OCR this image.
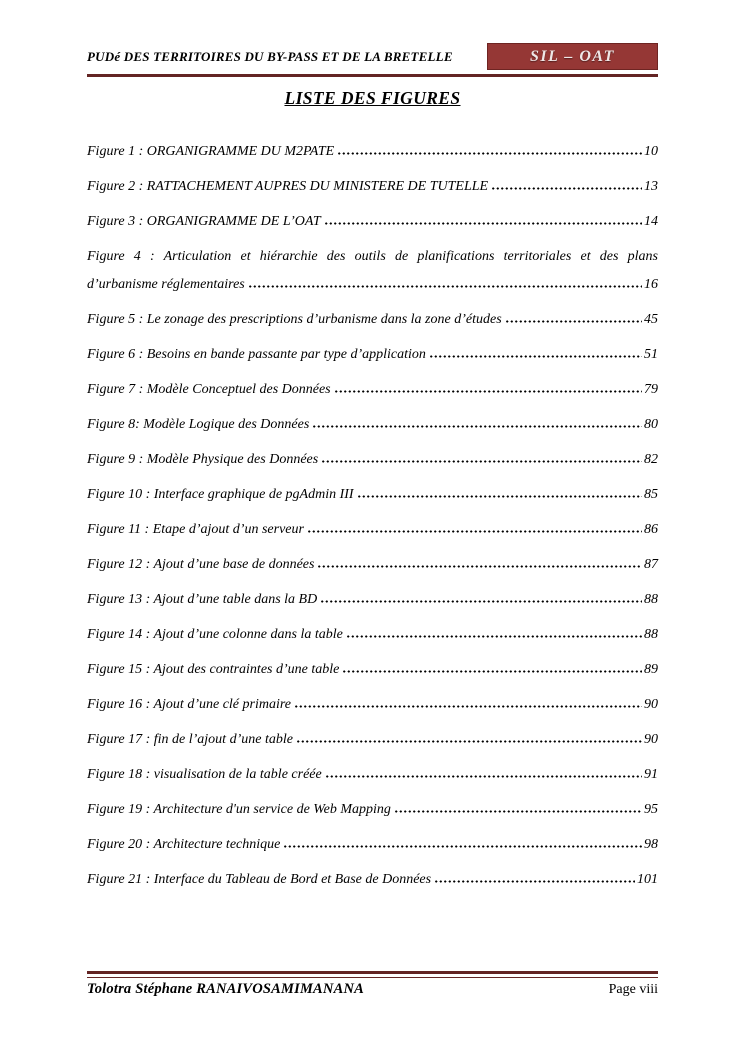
PUDé DES TERRITOIRES DU BY-PASS ET DE LA BRETELLE	SIL – OAT
LISTE DES FIGURES
Figure 1 : ORGANIGRAMME DU M2PATE	10
Figure 2 : RATTACHEMENT AUPRES DU MINISTERE DE TUTELLE	13
Figure 3 : ORGANIGRAMME DE L’OAT	14
Figure 4 : Articulation et hiérarchie des outils de planifications territoriales et des plans
d’urbanisme réglementaires	16
Figure 5 : Le zonage des prescriptions d’urbanisme dans la zone d’études	45
Figure 6 : Besoins en bande passante par type d’application	51
Figure 7 : Modèle Conceptuel des Données	79
Figure 8: Modèle Logique des Données	80
Figure 9 : Modèle Physique des Données	82
Figure 10 : Interface graphique de pgAdmin III	85
Figure 11 : Etape d’ajout d’un serveur	86
Figure 12 : Ajout d’une base de données	87
Figure 13 : Ajout d’une table dans la BD	88
Figure 14 : Ajout d’une colonne dans la table	88
Figure 15 : Ajout des contraintes d’une table	89
Figure 16 : Ajout d’une clé primaire	90
Figure 17 : fin de l’ajout d’une table	90
Figure 18 : visualisation de la table créée	91
Figure 19 : Architecture d'un service de Web Mapping	95
Figure 20 : Architecture technique	98
Figure 21 : Interface du Tableau de Bord et Base de Données	101
Tolotra Stéphane RANAIVOSAMIMANANA	Page viii
